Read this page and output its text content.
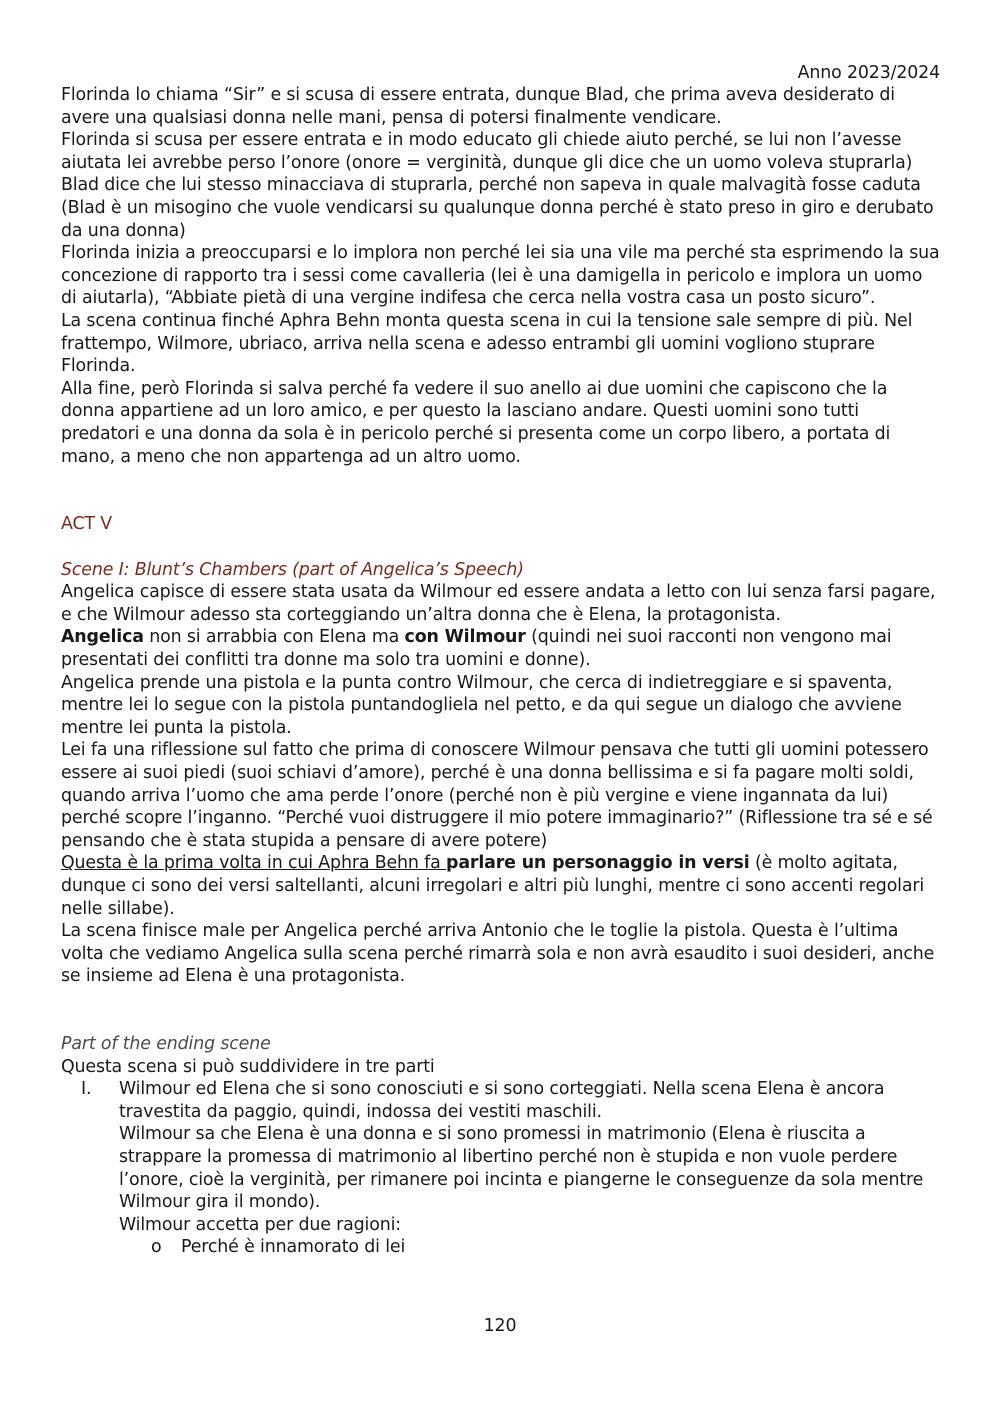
Anno 2023/2024

Florinda lo chiama “Sir” e si scusa di essere entrata, dunque Blad, che prima aveva desiderato di avere una qualsiasi donna nelle mani, pensa di potersi finalmente vendicare.

Florinda si scusa per essere entrata e in modo educato gli chiede aiuto perché, se lui non l’avesse aiutata lei avrebbe perso l’onore (onore = verginità, dunque gli dice che un uomo voleva stuprarla)

Blad dice che lui stesso minacciava di stuprarla, perché non sapeva in quale malvagità fosse caduta (Blad è un misogino che vuole vendicarsi su qualunque donna perché è stato preso in giro e derubato da una donna)

Florinda inizia a preoccuparsi e lo implora non perché lei sia una vile ma perché sta esprimendo la sua concezione di rapporto tra i sessi come cavalleria (lei è una damigella in pericolo e implora un uomo di aiutarla), “Abbiate pietà di una vergine indifesa che cerca nella vostra casa un posto sicuro”.

La scena continua finché Aphra Behn monta questa scena in cui la tensione sale sempre di più. Nel frattempo, Wilmore, ubriaco, arriva nella scena e adesso entrambi gli uomini vogliono stuprare Florinda.

Alla fine, però Florinda si salva perché fa vedere il suo anello ai due uomini che capiscono che la donna appartiene ad un loro amico, e per questo la lasciano andare. Questi uomini sono tutti predatori e una donna da sola è in pericolo perché si presenta come un corpo libero, a portata di mano, a meno che non appartenga ad un altro uomo.

ACT V

Scene I: Blunt’s Chambers (part of Angelica’s Speech)

Angelica capisce di essere stata usata da Wilmour ed essere andata a letto con lui senza farsi pagare, e che Wilmour adesso sta corteggiando un’altra donna che è Elena, la protagonista.

Angelica non si arrabbia con Elena ma con Wilmour (quindi nei suoi racconti non vengono mai presentati dei conflitti tra donne ma solo tra uomini e donne).

Angelica prende una pistola e la punta contro Wilmour, che cerca di indietreggiare e si spaventa, mentre lei lo segue con la pistola puntandogliela nel petto, e da qui segue un dialogo che avviene mentre lei punta la pistola.

Lei fa una riflessione sul fatto che prima di conoscere Wilmour pensava che tutti gli uomini potessero essere ai suoi piedi (suoi schiavi d’amore), perché è una donna bellissima e si fa pagare molti soldi, quando arriva l’uomo che ama perde l’onore (perché non è più vergine e viene ingannata da lui) perché scopre l’inganno. “Perché vuoi distruggere il mio potere immaginario?” (Riflessione tra sé e sé pensando che è stata stupida a pensare di avere potere)

Questa è la prima volta in cui Aphra Behn fa parlare un personaggio in versi (è molto agitata, dunque ci sono dei versi saltellanti, alcuni irregolari e altri più lunghi, mentre ci sono accenti regolari nelle sillabe).

La scena finisce male per Angelica perché arriva Antonio che le toglie la pistola. Questa è l’ultima volta che vediamo Angelica sulla scena perché rimarrà sola e non avrà esaudito i suoi desideri, anche se insieme ad Elena è una protagonista.

Part of the ending scene

Questa scena si può suddividere in tre parti

I. Wilmour ed Elena che si sono conosciuti e si sono corteggiati. Nella scena Elena è ancora travestita da paggio, quindi, indossa dei vestiti maschili.
Wilmour sa che Elena è una donna e si sono promessi in matrimonio (Elena è riuscita a strappare la promessa di matrimonio al libertino perché non è stupida e non vuole perdere l’onore, cioè la verginità, per rimanere poi incinta e piangerne le conseguenze da sola mentre Wilmour gira il mondo).
Wilmour accetta per due ragioni:
o Perché è innamorato di lei

120
